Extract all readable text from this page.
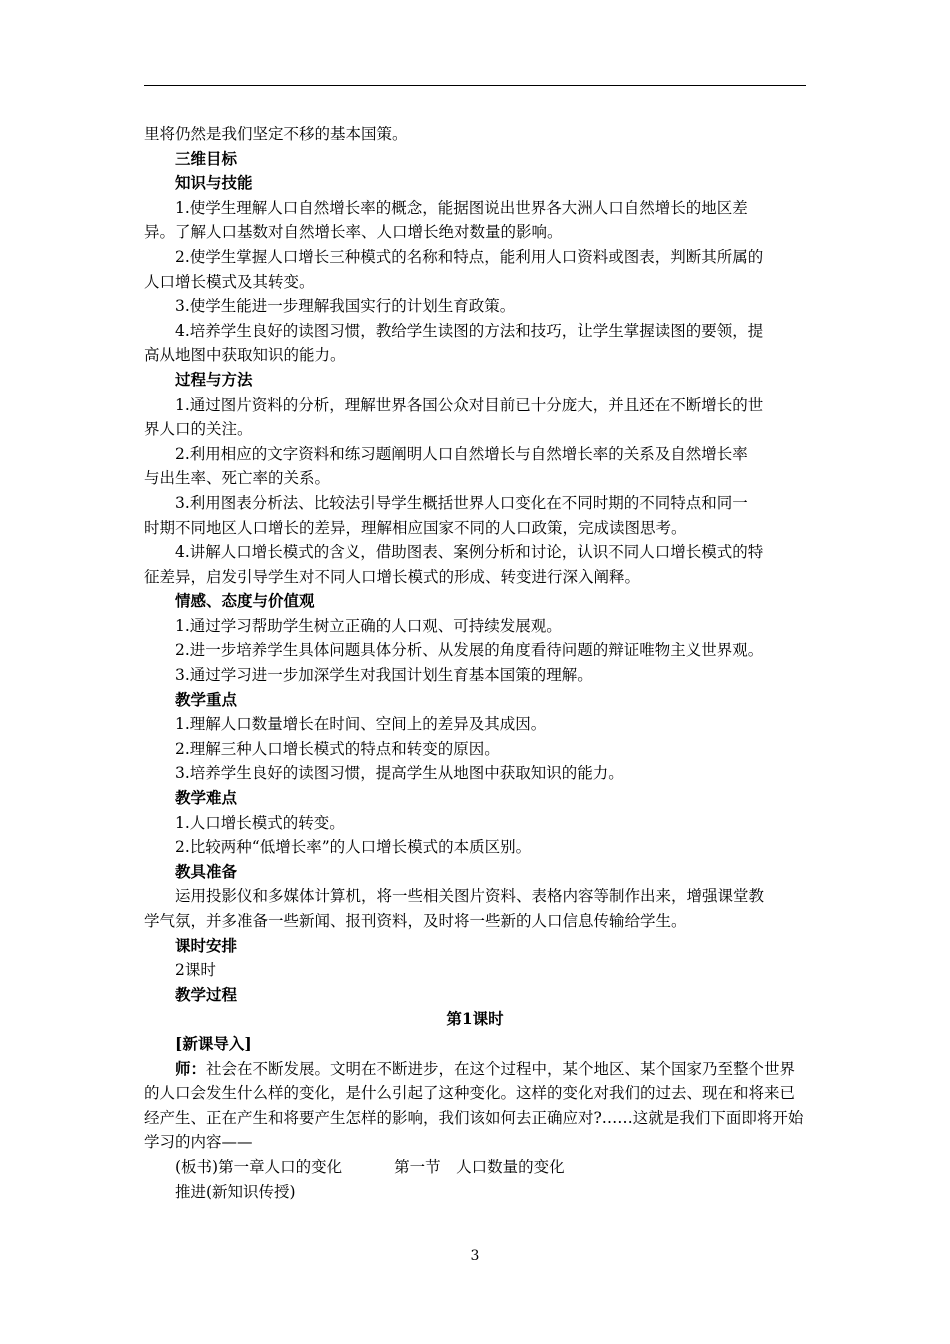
里将仍然是我们坚定不移的基本国策。
三维目标
知识与技能
1.使学生理解人口自然增长率的概念，能据图说出世界各大洲人口自然增长的地区差
异。了解人口基数对自然增长率、人口增长绝对数量的影响。
2.使学生掌握人口增长三种模式的名称和特点，能利用人口资料或图表，判断其所属的
人口增长模式及其转变。
3.使学生能进一步理解我国实行的计划生育政策。
4.培养学生良好的读图习惯，教给学生读图的方法和技巧，让学生掌握读图的要领，提
高从地图中获取知识的能力。
过程与方法
1.通过图片资料的分析，理解世界各国公众对目前已十分庞大，并且还在不断增长的世
界人口的关注。
2.利用相应的文字资料和练习题阐明人口自然增长与自然增长率的关系及自然增长率
与出生率、死亡率的关系。
3.利用图表分析法、比较法引导学生概括世界人口变化在不同时期的不同特点和同一
时期不同地区人口增长的差异，理解相应国家不同的人口政策，完成读图思考。
4.讲解人口增长模式的含义，借助图表、案例分析和讨论，认识不同人口增长模式的特
征差异，启发引导学生对不同人口增长模式的形成、转变进行深入阐释。
情感、态度与价值观
1.通过学习帮助学生树立正确的人口观、可持续发展观。
2.进一步培养学生具体问题具体分析、从发展的角度看待问题的辩证唯物主义世界观。
3.通过学习进一步加深学生对我国计划生育基本国策的理解。
教学重点
1.理解人口数量增长在时间、空间上的差异及其成因。
2.理解三种人口增长模式的特点和转变的原因。
3.培养学生良好的读图习惯，提高学生从地图中获取知识的能力。
教学难点
1.人口增长模式的转变。
2.比较两种“低增长率”的人口增长模式的本质区别。
教具准备
运用投影仪和多媒体计算机，将一些相关图片资料、表格内容等制作出来，增强课堂教
学气氛，并多准备一些新闻、报刊资料，及时将一些新的人口信息传输给学生。
课时安排
2课时
教学过程
第1课时
[新课导入]
师：社会在不断发展。文明在不断进步，在这个过程中，某个地区、某个国家乃至整个世界的人口会发生什么样的变化，是什么引起了这种变化。这样的变化对我们的过去、现在和将来已经产生、正在产生和将要产生怎样的影响，我们该如何去正确应对?……这就是我们下面即将开始学习的内容——
(板书)第一章人口的变化	第一节　人口数量的变化
推进(新知识传授)
3
